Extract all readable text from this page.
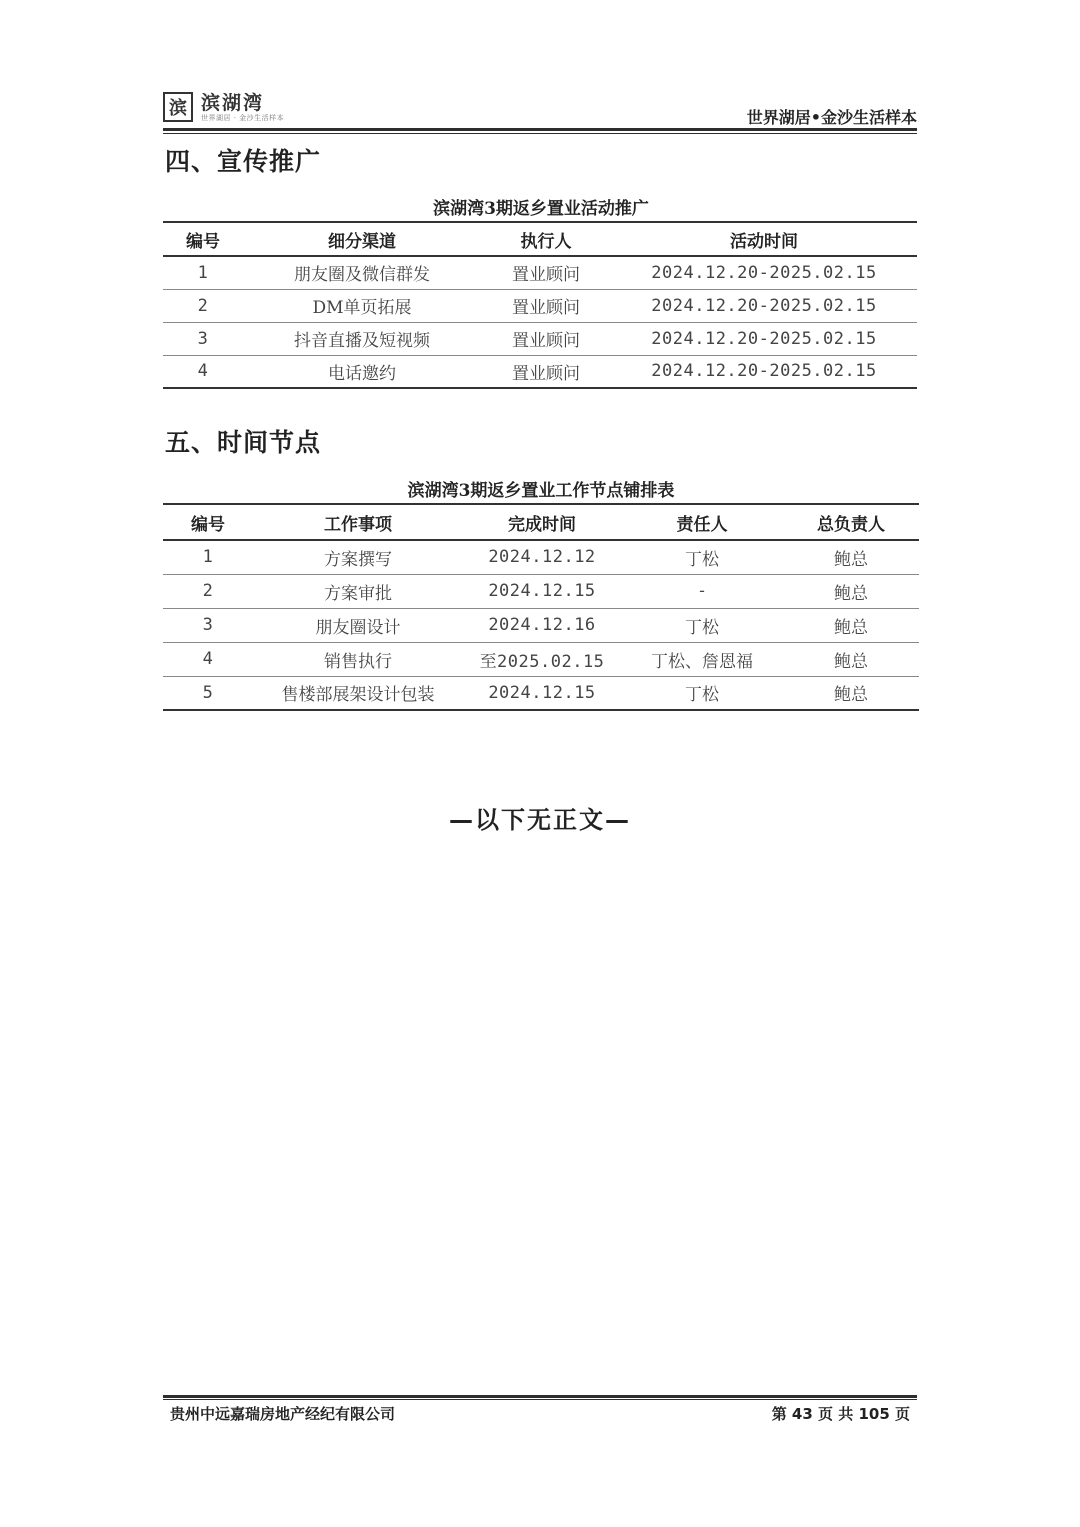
滨 滨湖湾
世界湖居 · 金沙生活样本	世界湖居•金沙生活样本
四、宣传推广
滨湖湾3期返乡置业活动推广
编号	细分渠道	执行人	活动时间
1	朋友圈及微信群发	置业顾问	2024.12.20-2025.02.15
2	DM单页拓展	置业顾问	2024.12.20-2025.02.15
3	抖音直播及短视频	置业顾问	2024.12.20-2025.02.15
4	电话邀约	置业顾问	2024.12.20-2025.02.15
五、时间节点
滨湖湾3期返乡置业工作节点铺排表
编号	工作事项	完成时间	责任人	总负责人
1	方案撰写	2024.12.12	丁松	鲍总
2	方案审批	2024.12.15	-	鲍总
3	朋友圈设计	2024.12.16	丁松	鲍总
4	销售执行	至2025.02.15	丁松、詹恩福	鲍总
5	售楼部展架设计包装	2024.12.15	丁松	鲍总
—以下无正文—
贵州中远嘉瑞房地产经纪有限公司	第 43 页 共 105 页
